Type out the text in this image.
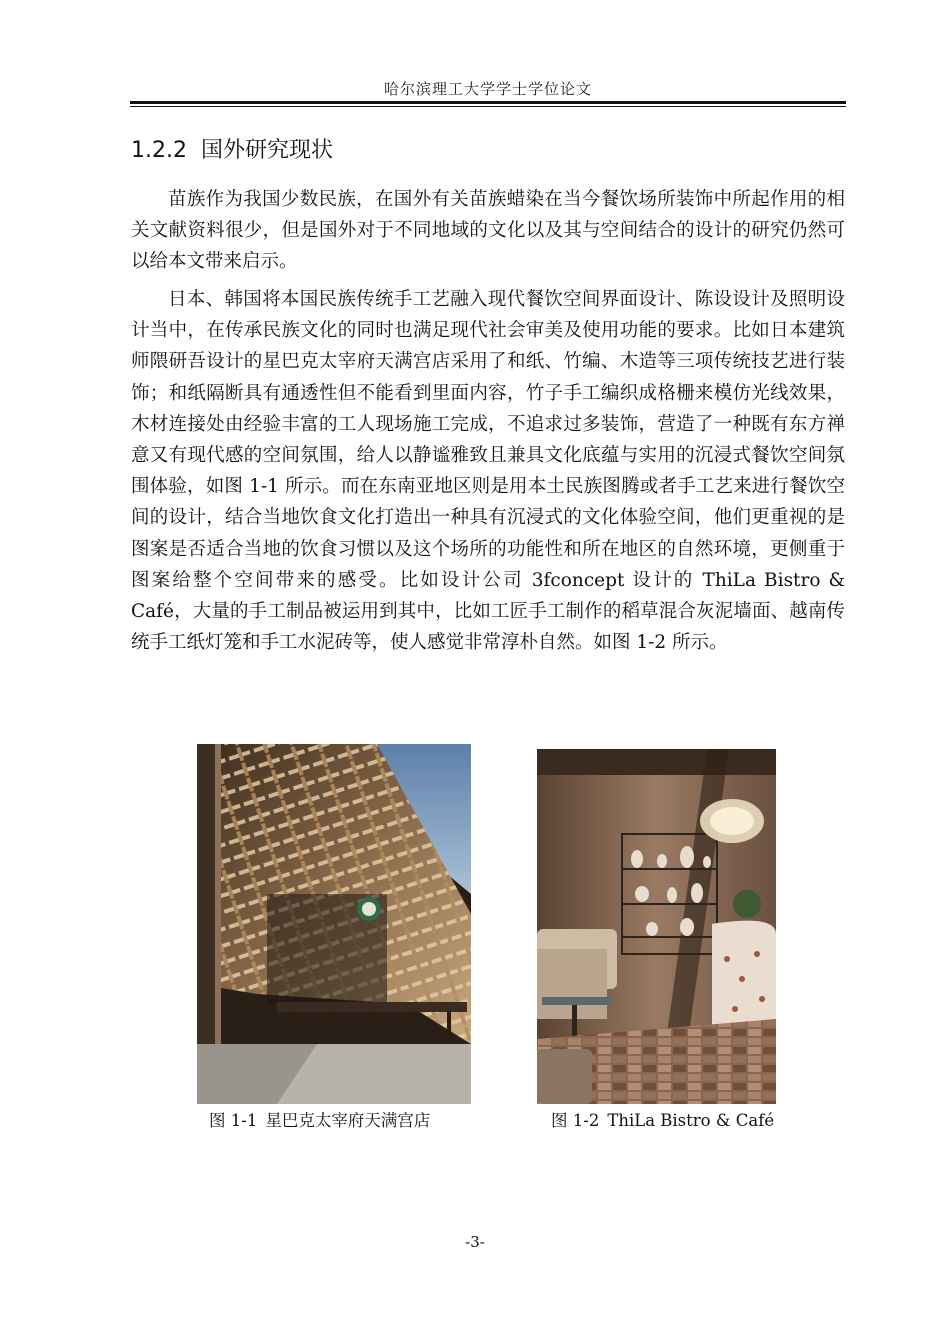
哈尔滨理工大学学士学位论文
1.2.2 国外研究现状

苗族作为我国少数民族，在国外有关苗族蜡染在当今餐饮场所装饰中所起作用的相关文献资料很少，但是国外对于不同地域的文化以及其与空间结合的设计的研究仍然可以给本文带来启示。

日本、韩国将本国民族传统手工艺融入现代餐饮空间界面设计、陈设设计及照明设计当中，在传承民族文化的同时也满足现代社会审美及使用功能的要求。比如日本建筑师隈研吾设计的星巴克太宰府天满宫店采用了和纸、竹编、木造等三项传统技艺进行装饰；和纸隔断具有通透性但不能看到里面内容，竹子手工编织成格栅来模仿光线效果，木材连接处由经验丰富的工人现场施工完成，不追求过多装饰，营造了一种既有东方禅意又有现代感的空间氛围，给人以静谧雅致且兼具文化底蕴与实用的沉浸式餐饮空间氛围体验，如图 1-1 所示。而在东南亚地区则是用本土民族图腾或者手工艺来进行餐饮空间的设计，结合当地饮食文化打造出一种具有沉浸式的文化体验空间，他们更重视的是图案是否适合当地的饮食习惯以及这个场所的功能性和所在地区的自然环境，更侧重于图案给整个空间带来的感受。比如设计公司 3fconcept 设计的 ThiLa Bistro & Café，大量的手工制品被运用到其中，比如工匠手工制作的稻草混合灰泥墙面、越南传统手工纸灯笼和手工水泥砖等，使人感觉非常淳朴自然。如图 1-2 所示。

图 1-1 星巴克太宰府天满宫店	图 1-2 ThiLa Bistro & Café
-3-
